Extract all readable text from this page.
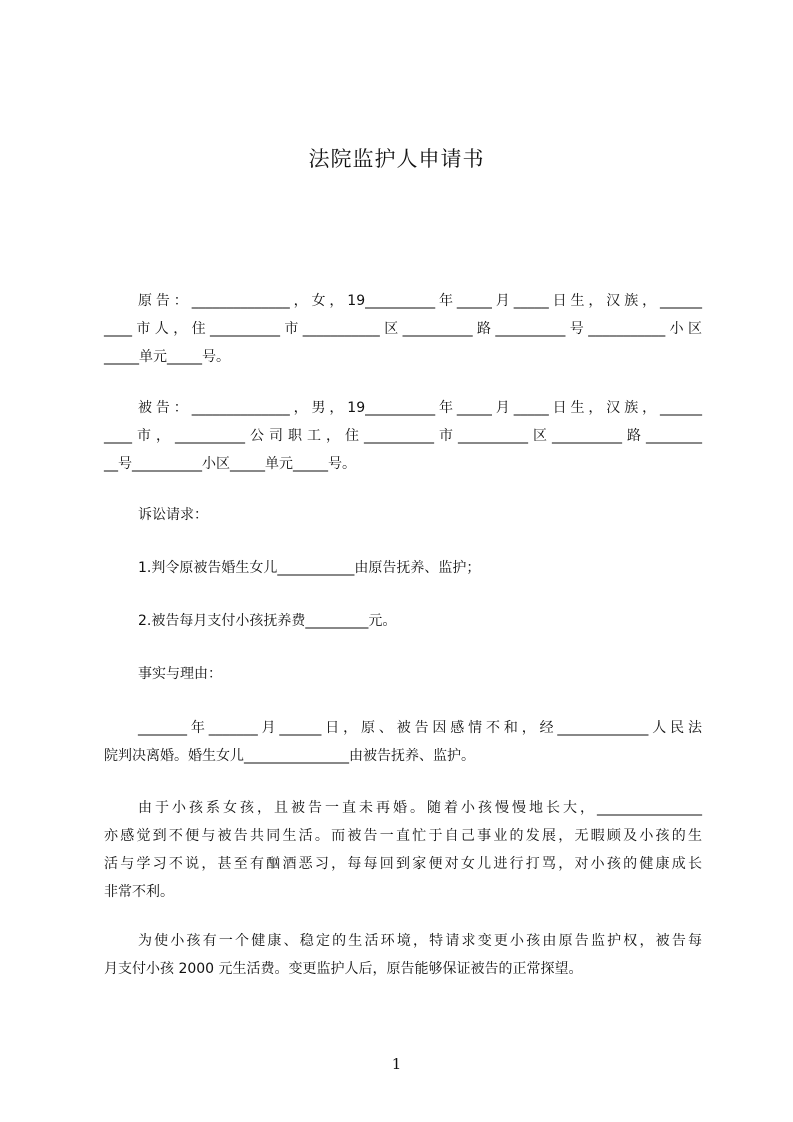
法院监护人申请书
原告：______________，女，19__________年_____月_____日生，汉族，______
____市人，住__________市___________区__________路__________号___________小区
_____单元_____号。
被告：______________，男，19__________年_____月_____日生，汉族，______
____市，__________公司职工，住__________市__________区__________路________
__号__________小区_____单元_____号。
诉讼请求：
1.判令原被告婚生女儿___________由原告抚养、监护；
2.被告每月支付小孩抚养费_________元。
事实与理由：
_______年_______月______日，原、被告因感情不和，经_____________人民法
院判决离婚。婚生女儿_______________由被告抚养、监护。
由于小孩系女孩，且被告一直未再婚。随着小孩慢慢地长大，_______________
亦感觉到不便与被告共同生活。而被告一直忙于自己事业的发展，无暇顾及小孩的生
活与学习不说，甚至有酗酒恶习，每每回到家便对女儿进行打骂，对小孩的健康成长
非常不利。
为使小孩有一个健康、稳定的生活环境，特请求变更小孩由原告监护权，被告每
月支付小孩 2000 元生活费。变更监护人后，原告能够保证被告的正常探望。
1
